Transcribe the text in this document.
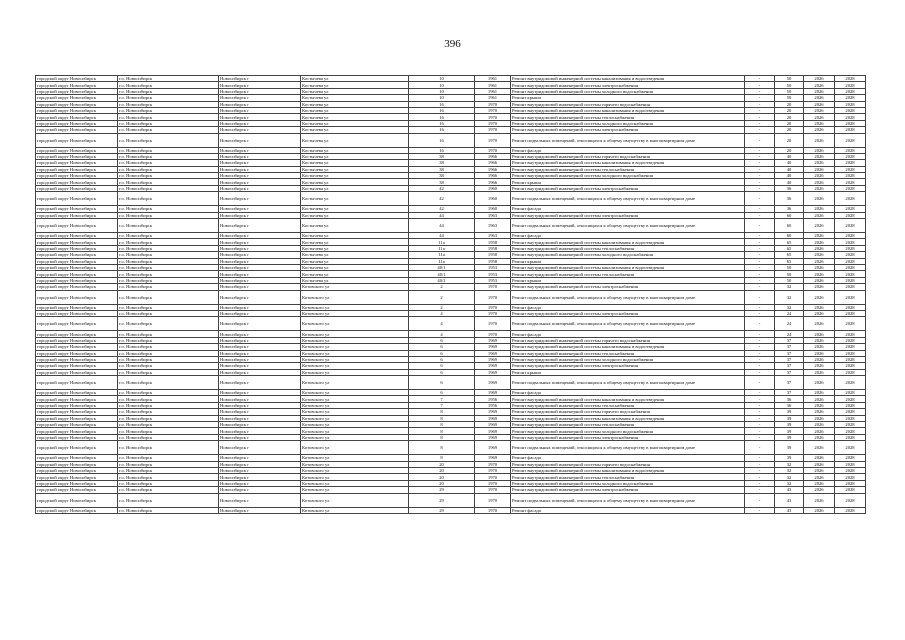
396
городской округ Новосибирск	г.о. Новосибирск	Новосибирск г	Костычева ул	10	1961	Ремонт внутридомовой инженерной системы канализования и водоотведения	-	50	2026	2028
городской округ Новосибирск	г.о. Новосибирск	Новосибирск г	Костычева ул	10	1961	Ремонт внутридомовой инженерной системы электроснабжения	-	50	2026	2028
городской округ Новосибирск	г.о. Новосибирск	Новосибирск г	Костычева ул	10	1961	Ремонт внутридомовой инженерной системы холодного водоснабжения	-	50	2026	2028
городской округ Новосибирск	г.о. Новосибирск	Новосибирск г	Костычева ул	10	1961	Ремонт крыши	-	50	2026	2028
городской округ Новосибирск	г.о. Новосибирск	Новосибирск г	Костычева ул	16	1970	Ремонт внутридомовой инженерной системы горячего водоснабжения	-	20	2026	2028
городской округ Новосибирск	г.о. Новосибирск	Новосибирск г	Костычева ул	16	1970	Ремонт внутридомовой инженерной системы канализования и водоотведения	-	20	2026	2028
городской округ Новосибирск	г.о. Новосибирск	Новосибирск г	Костычева ул	16	1970	Ремонт внутридомовой инженерной системы теплоснабжения	-	20	2026	2028
городской округ Новосибирск	г.о. Новосибирск	Новосибирск г	Костычева ул	16	1970	Ремонт внутридомовой инженерной системы холодного водоснабжения	-	20	2026	2028
городской округ Новосибирск	г.о. Новосибирск	Новосибирск г	Костычева ул	16	1970	Ремонт внутридомовой инженерной системы электроснабжения	-	20	2026	2028
городской округ Новосибирск	г.о. Новосибирск	Новосибирск г	Костычева ул	16	1970	Ремонт подвальных помещений, относящихся к общему имуществу в многоквартирном доме	-	20	2026	2028
городской округ Новосибирск	г.о. Новосибирск	Новосибирск г	Костычева ул	16	1970	Ремонт фасада	-	20	2026	2028
городской округ Новосибирск	г.о. Новосибирск	Новосибирск г	Костычева ул	38	1966	Ремонт внутридомовой инженерной системы горячего водоснабжения	-	40	2026	2028
городской округ Новосибирск	г.о. Новосибирск	Новосибирск г	Костычева ул	38	1966	Ремонт внутридомовой инженерной системы канализования и водоотведения	-	40	2026	2028
городской округ Новосибирск	г.о. Новосибирск	Новосибирск г	Костычева ул	38	1966	Ремонт внутридомовой инженерной системы теплоснабжения	-	40	2026	2028
городской округ Новосибирск	г.о. Новосибирск	Новосибирск г	Костычева ул	38	1966	Ремонт внутридомовой инженерной системы холодного водоснабжения	-	40	2026	2028
городской округ Новосибирск	г.о. Новосибирск	Новосибирск г	Костычева ул	38	1966	Ремонт крыши	-	40	2026	2028
городской округ Новосибирск	г.о. Новосибирск	Новосибирск г	Костычева ул	42	1960	Ремонт внутридомовой инженерной системы электроснабжения	-	36	2026	2028
городской округ Новосибирск	г.о. Новосибирск	Новосибирск г	Костычева ул	42	1960	Ремонт подвальных помещений, относящихся к общему имуществу в многоквартирном доме	-	36	2026	2028
городской округ Новосибирск	г.о. Новосибирск	Новосибирск г	Костычева ул	42	1960	Ремонт фасада	-	36	2026	2028
городской округ Новосибирск	г.о. Новосибирск	Новосибирск г	Костычева ул	44	1963	Ремонт внутридомовой инженерной системы электроснабжения	-	60	2026	2028
городской округ Новосибирск	г.о. Новосибирск	Новосибирск г	Костычева ул	44	1963	Ремонт подвальных помещений, относящихся к общему имуществу в многоквартирном доме	-	60	2026	2028
городской округ Новосибирск	г.о. Новосибирск	Новосибирск г	Костычева ул	44	1963	Ремонт фасада	-	60	2026	2028
городской округ Новосибирск	г.о. Новосибирск	Новосибирск г	Костычева ул	11а	1958	Ремонт внутридомовой инженерной системы канализования и водоотведения	-	65	2026	2028
городской округ Новосибирск	г.о. Новосибирск	Новосибирск г	Костычева ул	11а	1958	Ремонт внутридомовой инженерной системы теплоснабжения	-	65	2026	2028
городской округ Новосибирск	г.о. Новосибирск	Новосибирск г	Костычева ул	11а	1958	Ремонт внутридомовой инженерной системы холодного водоснабжения	-	65	2026	2028
городской округ Новосибирск	г.о. Новосибирск	Новосибирск г	Костычева ул	11а	1958	Ремонт крыши	-	65	2026	2028
городской округ Новосибирск	г.о. Новосибирск	Новосибирск г	Костычева ул	40/1	1953	Ремонт внутридомовой инженерной системы канализования и водоотведения	-	50	2026	2028
городской округ Новосибирск	г.о. Новосибирск	Новосибирск г	Костычева ул	40/1	1953	Ремонт внутридомовой инженерной системы теплоснабжения	-	50	2026	2028
городской округ Новосибирск	г.о. Новосибирск	Новосибирск г	Костычева ул	40/1	1953	Ремонт крыши	-	50	2026	2028
городской округ Новосибирск	г.о. Новосибирск	Новосибирск г	Котовского ул	2	1970	Ремонт внутридомовой инженерной системы электроснабжения	-	32	2026	2028
городской округ Новосибирск	г.о. Новосибирск	Новосибирск г	Котовского ул	2	1970	Ремонт подвальных помещений, относящихся к общему имуществу в многоквартирном доме	-	32	2026	2028
городской округ Новосибирск	г.о. Новосибирск	Новосибирск г	Котовского ул	2	1970	Ремонт фасада	-	32	2026	2028
городской округ Новосибирск	г.о. Новосибирск	Новосибирск г	Котовского ул	4	1970	Ремонт внутридомовой инженерной системы электроснабжения	-	24	2026	2028
городской округ Новосибирск	г.о. Новосибирск	Новосибирск г	Котовского ул	4	1970	Ремонт подвальных помещений, относящихся к общему имуществу в многоквартирном доме	-	24	2026	2028
городской округ Новосибирск	г.о. Новосибирск	Новосибирск г	Котовского ул	4	1970	Ремонт фасада	-	24	2026	2028
городской округ Новосибирск	г.о. Новосибирск	Новосибирск г	Котовского ул	6	1969	Ремонт внутридомовой инженерной системы горячего водоснабжения	-	37	2026	2028
городской округ Новосибирск	г.о. Новосибирск	Новосибирск г	Котовского ул	6	1969	Ремонт внутридомовой инженерной системы канализования и водоотведения	-	37	2026	2028
городской округ Новосибирск	г.о. Новосибирск	Новосибирск г	Котовского ул	6	1969	Ремонт внутридомовой инженерной системы теплоснабжения	-	37	2026	2028
городской округ Новосибирск	г.о. Новосибирск	Новосибирск г	Котовского ул	6	1969	Ремонт внутридомовой инженерной системы холодного водоснабжения	-	37	2026	2028
городской округ Новосибирск	г.о. Новосибирск	Новосибирск г	Котовского ул	6	1969	Ремонт внутридомовой инженерной системы электроснабжения	-	37	2026	2028
городской округ Новосибирск	г.о. Новосибирск	Новосибирск г	Котовского ул	6	1969	Ремонт крыши	-	37	2026	2028
городской округ Новосибирск	г.о. Новосибирск	Новосибирск г	Котовского ул	6	1969	Ремонт подвальных помещений, относящихся к общему имуществу в многоквартирном доме	-	37	2026	2028
городской округ Новосибирск	г.о. Новосибирск	Новосибирск г	Котовского ул	6	1969	Ремонт фасада	-	37	2026	2028
городской округ Новосибирск	г.о. Новосибирск	Новосибирск г	Котовского ул	7	1956	Ремонт внутридомовой инженерной системы канализования и водоотведения	-	36	2026	2028
городской округ Новосибирск	г.о. Новосибирск	Новосибирск г	Котовского ул	7	1956	Ремонт внутридомовой инженерной системы теплоснабжения	-	36	2026	2028
городской округ Новосибирск	г.о. Новосибирск	Новосибирск г	Котовского ул	8	1969	Ремонт внутридомовой инженерной системы горячего водоснабжения	-	39	2026	2028
городской округ Новосибирск	г.о. Новосибирск	Новосибирск г	Котовского ул	8	1969	Ремонт внутридомовой инженерной системы канализования и водоотведения	-	39	2026	2028
городской округ Новосибирск	г.о. Новосибирск	Новосибирск г	Котовского ул	8	1969	Ремонт внутридомовой инженерной системы теплоснабжения	-	39	2026	2028
городской округ Новосибирск	г.о. Новосибирск	Новосибирск г	Котовского ул	8	1969	Ремонт внутридомовой инженерной системы холодного водоснабжения	-	39	2026	2028
городской округ Новосибирск	г.о. Новосибирск	Новосибирск г	Котовского ул	8	1969	Ремонт внутридомовой инженерной системы электроснабжения	-	39	2026	2028
городской округ Новосибирск	г.о. Новосибирск	Новосибирск г	Котовского ул	8	1969	Ремонт подвальных помещений, относящихся к общему имуществу в многоквартирном доме	-	39	2026	2028
городской округ Новосибирск	г.о. Новосибирск	Новосибирск г	Котовского ул	8	1969	Ремонт фасада	-	39	2026	2028
городской округ Новосибирск	г.о. Новосибирск	Новосибирск г	Котовского ул	20	1970	Ремонт внутридомовой инженерной системы горячего водоснабжения	-	32	2026	2028
городской округ Новосибирск	г.о. Новосибирск	Новосибирск г	Котовского ул	20	1970	Ремонт внутридомовой инженерной системы канализования и водоотведения	-	32	2026	2028
городской округ Новосибирск	г.о. Новосибирск	Новосибирск г	Котовского ул	20	1970	Ремонт внутридомовой инженерной системы теплоснабжения	-	32	2026	2028
городской округ Новосибирск	г.о. Новосибирск	Новосибирск г	Котовского ул	20	1970	Ремонт внутридомовой инженерной системы холодного водоснабжения	-	32	2026	2028
городской округ Новосибирск	г.о. Новосибирск	Новосибирск г	Котовского ул	29	1970	Ремонт внутридомовой инженерной системы электроснабжения	-	43	2026	2028
городской округ Новосибирск	г.о. Новосибирск	Новосибирск г	Котовского ул	29	1970	Ремонт подвальных помещений, относящихся к общему имуществу в многоквартирном доме	-	43	2026	2028
городской округ Новосибирск	г.о. Новосибирск	Новосибирск г	Котовского ул	29	1970	Ремонт фасада	-	43	2026	2028
